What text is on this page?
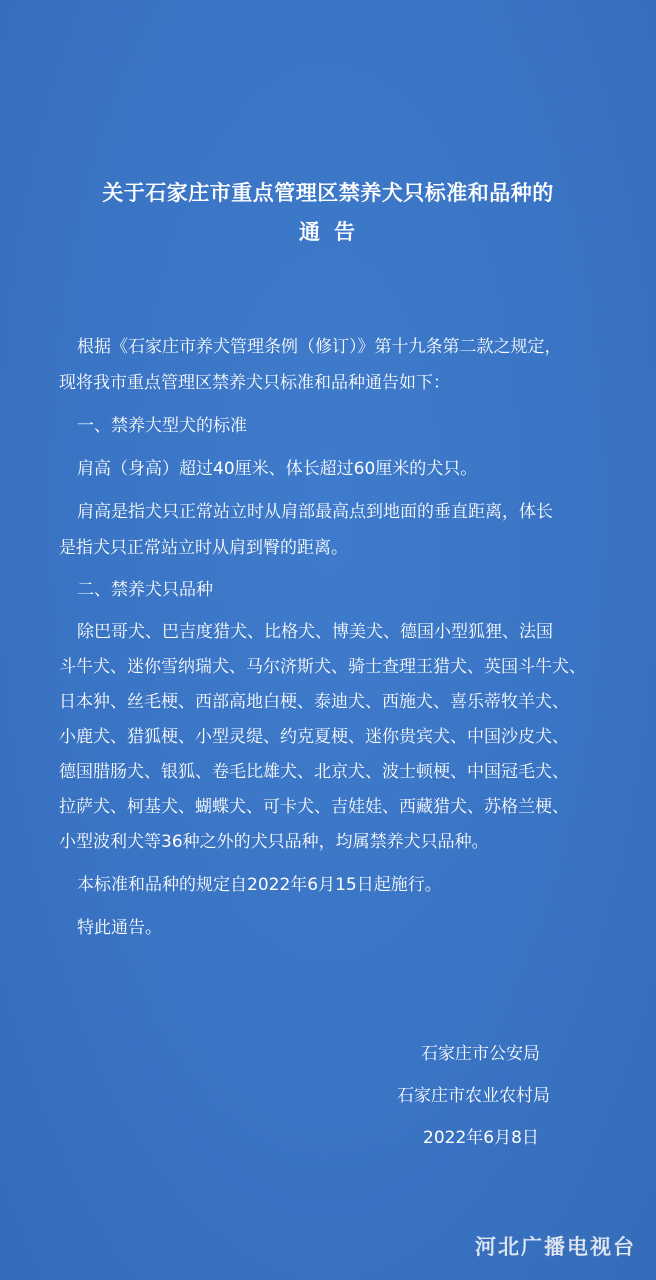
关于石家庄市重点管理区禁养犬只标准和品种的
通告
根据《石家庄市养犬管理条例（修订）》第十九条第二款之规定，
现将我市重点管理区禁养犬只标准和品种通告如下：
一、禁养大型犬的标准
肩高（身高）超过40厘米、体长超过60厘米的犬只。
肩高是指犬只正常站立时从肩部最高点到地面的垂直距离，体长
是指犬只正常站立时从肩到臀的距离。
二、禁养犬只品种
除巴哥犬、巴吉度猎犬、比格犬、博美犬、德国小型狐狸、法国
斗牛犬、迷你雪纳瑞犬、马尔济斯犬、骑士查理王猎犬、英国斗牛犬、
日本狆、丝毛梗、西部高地白梗、泰迪犬、西施犬、喜乐蒂牧羊犬、
小鹿犬、猎狐梗、小型灵缇、约克夏梗、迷你贵宾犬、中国沙皮犬、
德国腊肠犬、银狐、卷毛比雄犬、北京犬、波士顿梗、中国冠毛犬、
拉萨犬、柯基犬、蝴蝶犬、可卡犬、吉娃娃、西藏猎犬、苏格兰梗、
小型波利犬等36种之外的犬只品种，均属禁养犬只品种。
本标准和品种的规定自2022年6月15日起施行。
特此通告。
石家庄市公安局
石家庄市农业农村局
2022年6月8日
河北广播电视台
